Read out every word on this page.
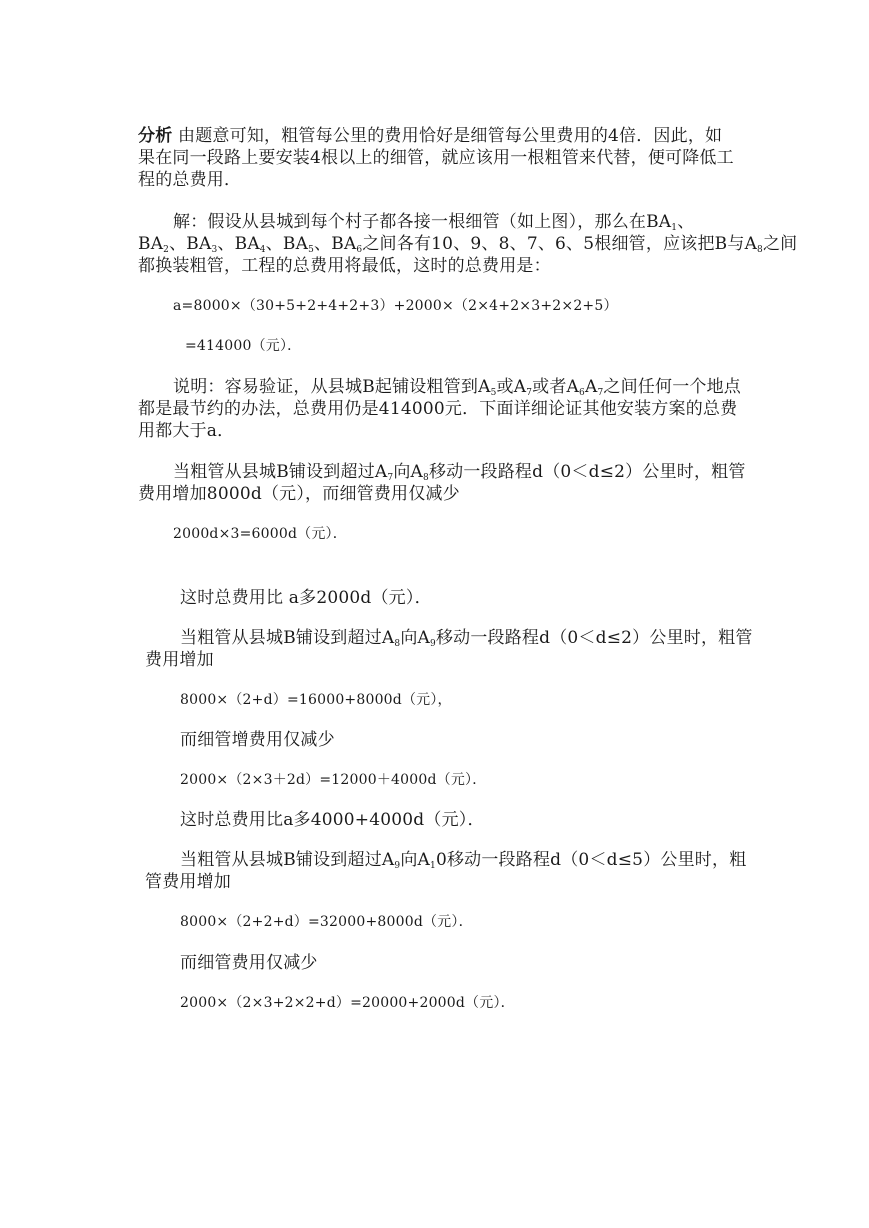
分析 由题意可知，粗管每公里的费用恰好是细管每公里费用的4倍．因此，如
果在同一段路上要安装4根以上的细管，就应该用一根粗管来代替，便可降低工
程的总费用．
解：假设从县城到每个村子都各接一根细管（如上图），那么在$BA_1$、
$BA_2$、$BA_3$、$BA_4$、$BA_5$、$BA_6$之间各有10、9、8、7、6、5根细管，应该把B与$A_8$之间
都换装粗管，工程的总费用将最低，这时的总费用是：
a=8000×（30+5+2+4+2+3）+2000×（2×4+2×3+2×2+5）
=414000（元）．
说明：容易验证，从县城B起铺设粗管到$A_5$或$A_7$或者$A_6A_7$之间任何一个地点
都是最节约的办法，总费用仍是414000元．下面详细论证其他安装方案的总费
用都大于a．
当粗管从县城B铺设到超过$A_7$向$A_8$移动一段路程d（0＜d≤2）公里时，粗管
费用增加8000d（元），而细管费用仅减少
2000d×3=6000d（元）．
这时总费用比 a多2000d（元）．
当粗管从县城B铺设到超过$A_8$向$A_9$移动一段路程d（0＜d≤2）公里时，粗管
费用增加
8000×（2+d）=16000+8000d（元），
而细管增费用仅减少
2000×（2×3＋2d）=12000＋4000d（元）．
这时总费用比a多4000+4000d（元）．
当粗管从县城B铺设到超过$A_9$向$A_10$移动一段路程d（0＜d≤5）公里时，粗
管费用增加
8000×（2+2+d）=32000+8000d（元）．
而细管费用仅减少
2000×（2×3+2×2+d）=20000+2000d（元）．
